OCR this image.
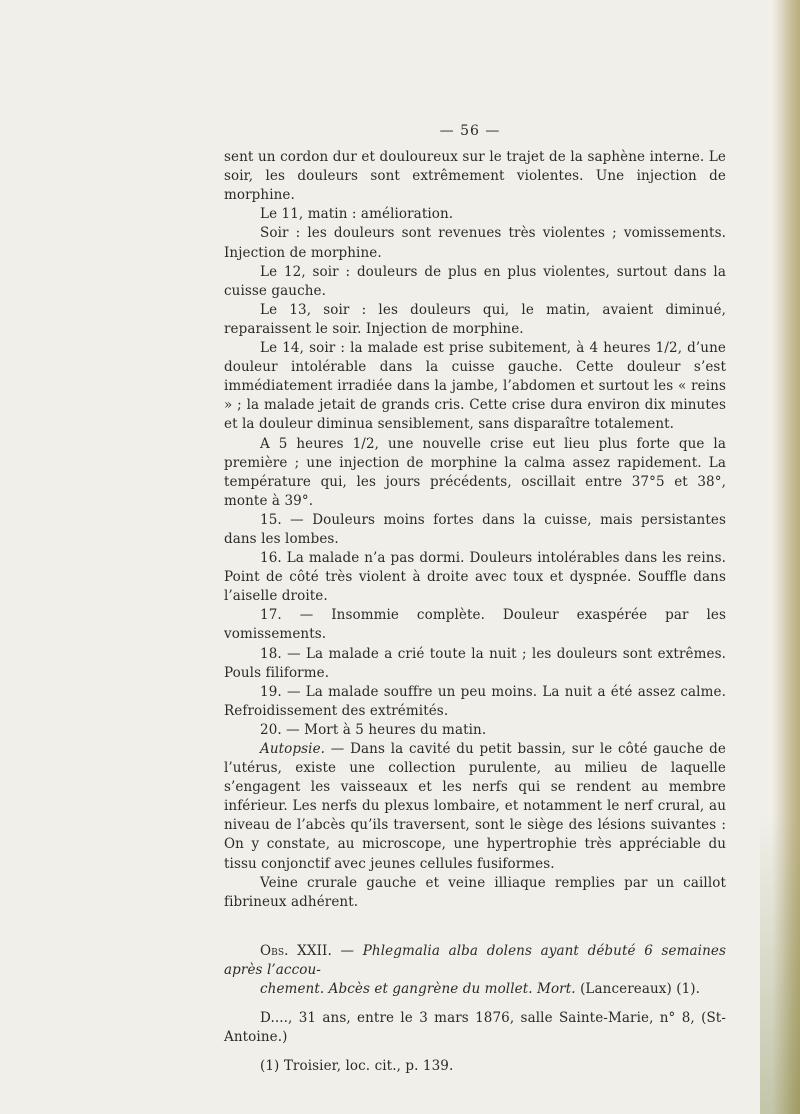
— 56 —

sent un cordon dur et douloureux sur le trajet de la saphène interne. Le soir, les douleurs sont extrêmement violentes. Une injection de morphine.

Le 11, matin : amélioration.

Soir : les douleurs sont revenues très violentes ; vomissements. Injection de morphine.

Le 12, soir : douleurs de plus en plus violentes, surtout dans la cuisse gauche.

Le 13, soir : les douleurs qui, le matin, avaient diminué, reparaissent le soir. Injection de morphine.

Le 14, soir : la malade est prise subitement, à 4 heures 1/2, d’une douleur intolérable dans la cuisse gauche. Cette douleur s’est immédiatement irradiée dans la jambe, l’abdomen et surtout les « reins » ; la malade jetait de grands cris. Cette crise dura environ dix minutes et la douleur diminua sensiblement, sans disparaître totalement.

A 5 heures 1/2, une nouvelle crise eut lieu plus forte que la première ; une injection de morphine la calma assez rapidement. La température qui, les jours précédents, oscillait entre 37°5 et 38°, monte à 39°.

15. — Douleurs moins fortes dans la cuisse, mais persistantes dans les lombes.

16. La malade n’a pas dormi. Douleurs intolérables dans les reins. Point de côté très violent à droite avec toux et dyspnée. Souffle dans l’aiselle droite.

17. — Insommie complète. Douleur exaspérée par les vomissements.

18. — La malade a crié toute la nuit ; les douleurs sont extrêmes. Pouls filiforme.

19. — La malade souffre un peu moins. La nuit a été assez calme. Refroidissement des extrémités.

20. — Mort à 5 heures du matin.

Autopsie. — Dans la cavité du petit bassin, sur le côté gauche de l’utérus, existe une collection purulente, au milieu de laquelle s’engagent les vaisseaux et les nerfs qui se rendent au membre inférieur. Les nerfs du plexus lombaire, et notamment le nerf crural, au niveau de l’abcès qu’ils traversent, sont le siège des lésions suivantes : On y constate, au microscope, une hypertrophie très appréciable du tissu conjonctif avec jeunes cellules fusiformes.

Veine crurale gauche et veine illiaque remplies par un caillot fibrineux adhérent.

Obs. XXII. — Phlegmalia alba dolens ayant débuté 6 semaines après l’accou-

chement. Abcès et gangrène du mollet. Mort. (Lancereaux) (1).

D...., 31 ans, entre le 3 mars 1876, salle Sainte-Marie, n° 8, (St-Antoine.)

(1) Troisier, loc. cit., p. 139.
